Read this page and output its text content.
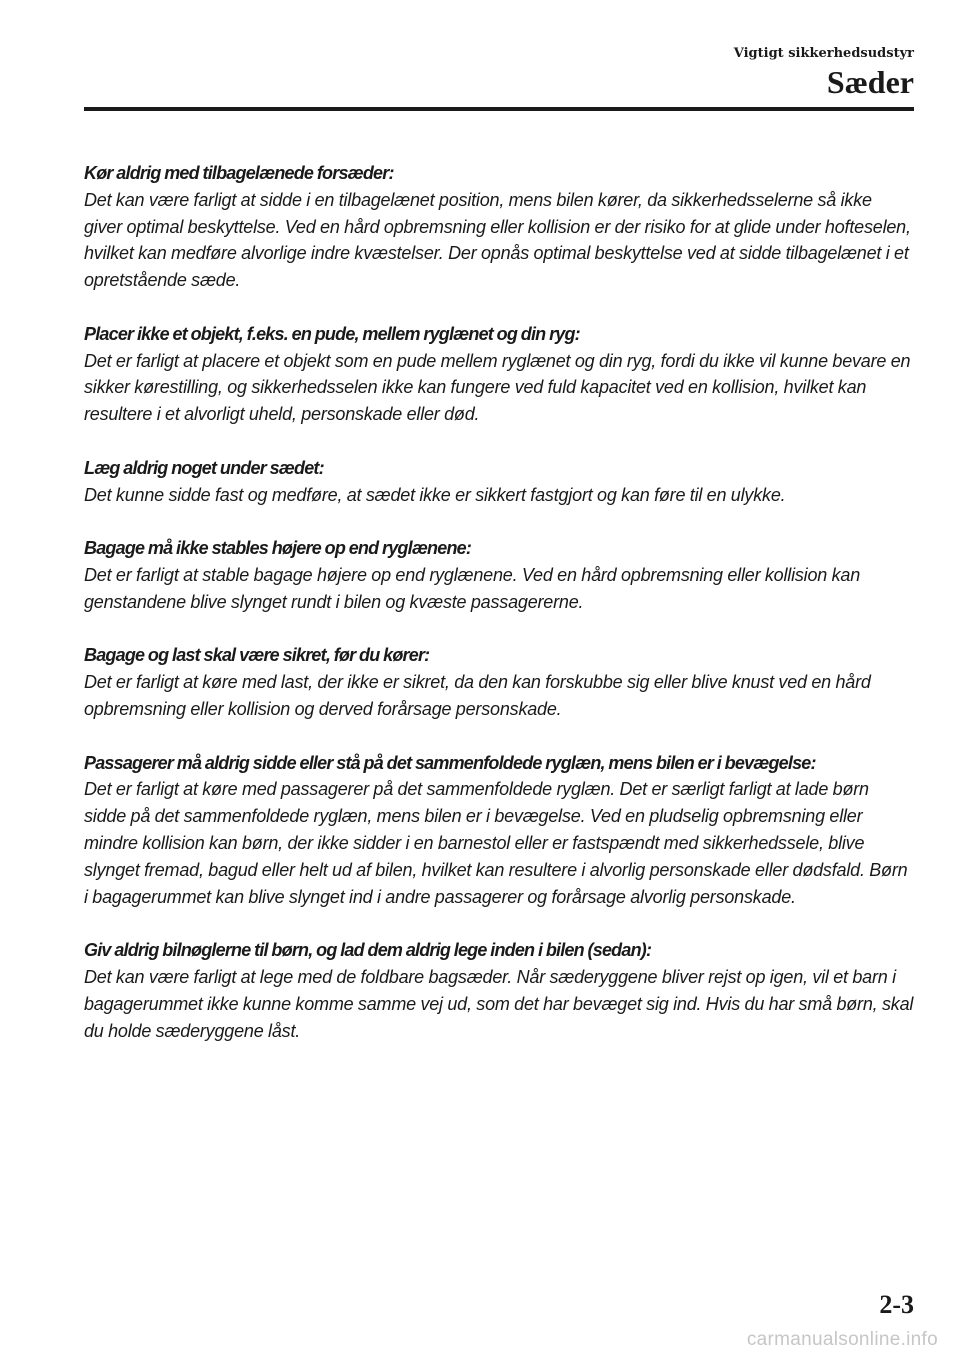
Vigtigt sikkerhedsudstyr
Sæder
Kør aldrig med tilbagelænede forsæder:
Det kan være farligt at sidde i en tilbagelænet position, mens bilen kører, da sikkerhedsselerne så ikke giver optimal beskyttelse. Ved en hård opbremsning eller kollision er der risiko for at glide under hofteselen, hvilket kan medføre alvorlige indre kvæstelser. Der opnås optimal beskyttelse ved at sidde tilbagelænet i et opretstående sæde.
Placer ikke et objekt, f.eks. en pude, mellem ryglænet og din ryg:
Det er farligt at placere et objekt som en pude mellem ryglænet og din ryg, fordi du ikke vil kunne bevare en sikker kørestilling, og sikkerhedsselen ikke kan fungere ved fuld kapacitet ved en kollision, hvilket kan resultere i et alvorligt uheld, personskade eller død.
Læg aldrig noget under sædet:
Det kunne sidde fast og medføre, at sædet ikke er sikkert fastgjort og kan føre til en ulykke.
Bagage må ikke stables højere op end ryglænene:
Det er farligt at stable bagage højere op end ryglænene. Ved en hård opbremsning eller kollision kan genstandene blive slynget rundt i bilen og kvæste passagererne.
Bagage og last skal være sikret, før du kører:
Det er farligt at køre med last, der ikke er sikret, da den kan forskubbe sig eller blive knust ved en hård opbremsning eller kollision og derved forårsage personskade.
Passagerer må aldrig sidde eller stå på det sammenfoldede ryglæn, mens bilen er i bevægelse:
Det er farligt at køre med passagerer på det sammenfoldede ryglæn. Det er særligt farligt at lade børn sidde på det sammenfoldede ryglæn, mens bilen er i bevægelse. Ved en pludselig opbremsning eller mindre kollision kan børn, der ikke sidder i en barnestol eller er fastspændt med sikkerhedssele, blive slynget fremad, bagud eller helt ud af bilen, hvilket kan resultere i alvorlig personskade eller dødsfald. Børn i bagagerummet kan blive slynget ind i andre passagerer og forårsage alvorlig personskade.
Giv aldrig bilnøglerne til børn, og lad dem aldrig lege inden i bilen (sedan):
Det kan være farligt at lege med de foldbare bagsæder. Når sæderyggene bliver rejst op igen, vil et barn i bagagerummet ikke kunne komme samme vej ud, som det har bevæget sig ind. Hvis du har små børn, skal du holde sæderyggene låst.
2-3
carmanualsonline.info
